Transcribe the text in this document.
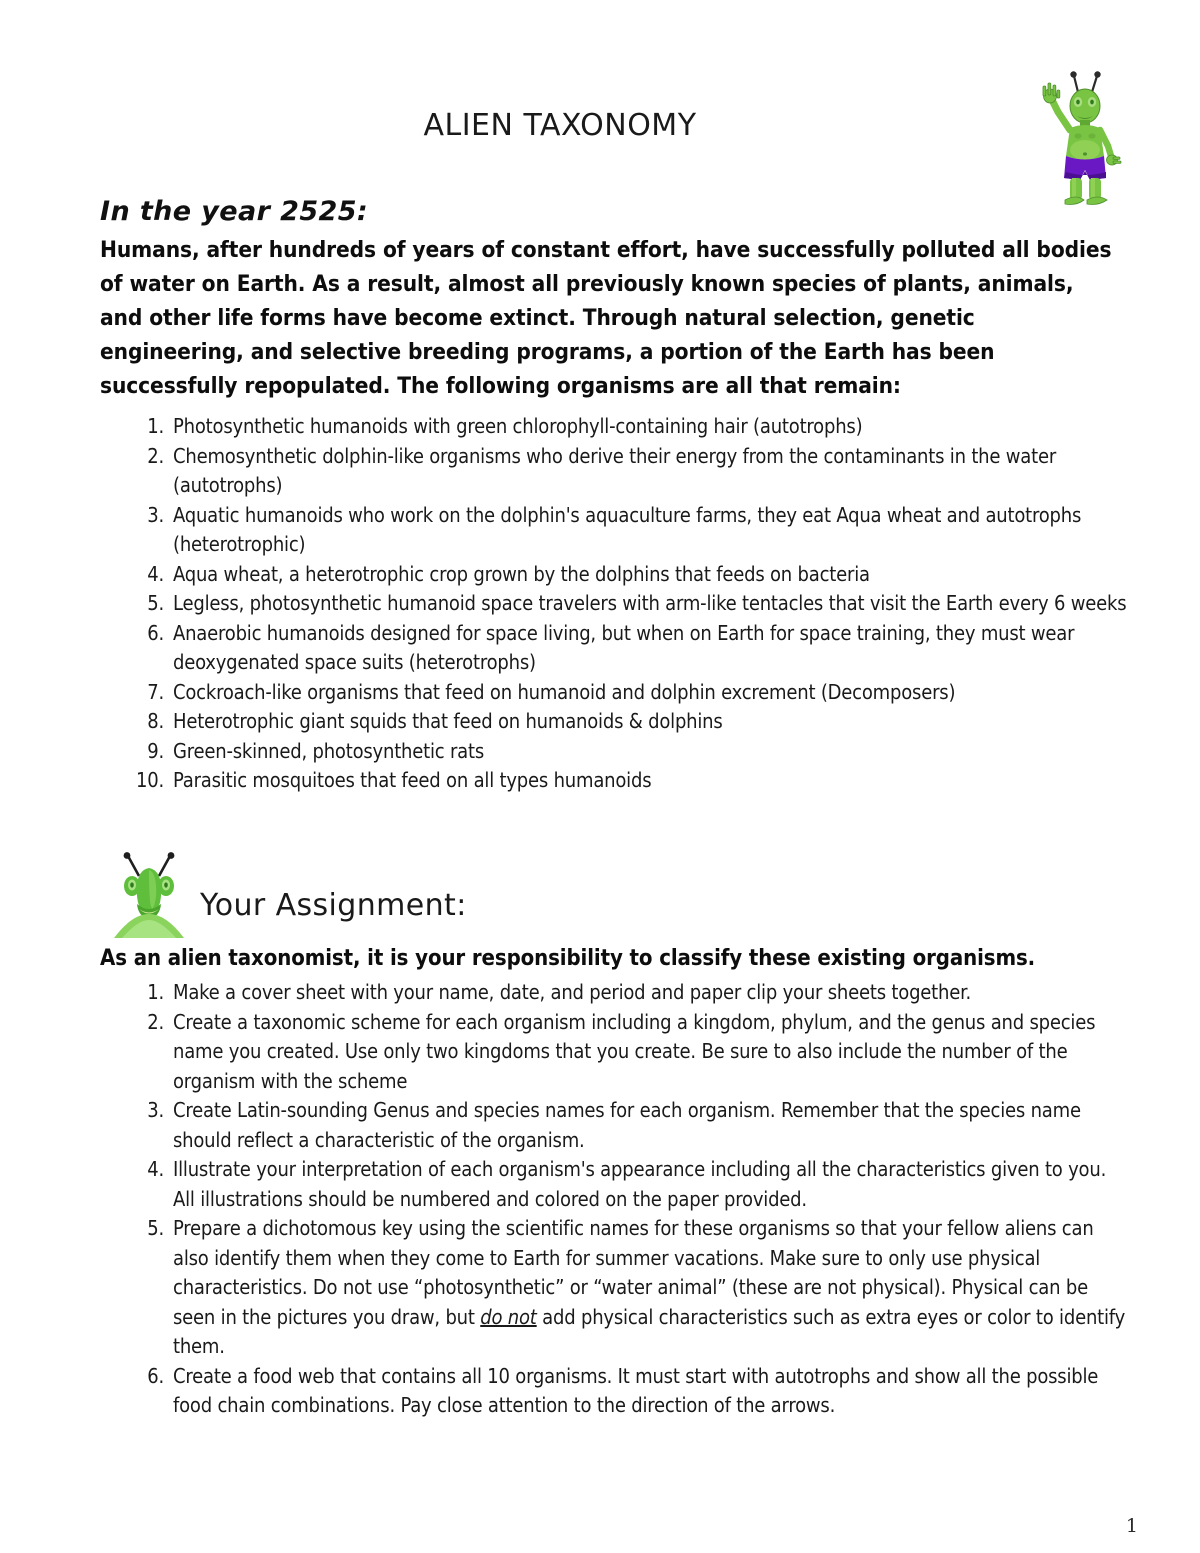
ALIEN TAXONOMY
In the year 2525:
Humans, after hundreds of years of constant effort, have successfully polluted all bodies of water on Earth. As a result, almost all previously known species of plants, animals, and other life forms have become extinct. Through natural selection, genetic engineering, and selective breeding programs, a portion of the Earth has been successfully repopulated. The following organisms are all that remain:
1. Photosynthetic humanoids with green chlorophyll-containing hair (autotrophs)
2. Chemosynthetic dolphin-like organisms who derive their energy from the contaminants in the water (autotrophs)
3. Aquatic humanoids who work on the dolphin's aquaculture farms, they eat Aqua wheat and autotrophs (heterotrophic)
4. Aqua wheat, a heterotrophic crop grown by the dolphins that feeds on bacteria
5. Legless, photosynthetic humanoid space travelers with arm-like tentacles that visit the Earth every 6 weeks
6. Anaerobic humanoids designed for space living, but when on Earth for space training, they must wear deoxygenated space suits (heterotrophs)
7. Cockroach-like organisms that feed on humanoid and dolphin excrement (Decomposers)
8. Heterotrophic giant squids that feed on humanoids & dolphins
9. Green-skinned, photosynthetic rats
10. Parasitic mosquitoes that feed on all types humanoids
Your Assignment:
As an alien taxonomist, it is your responsibility to classify these existing organisms.
1. Make a cover sheet with your name, date, and period and paper clip your sheets together.
2. Create a taxonomic scheme for each organism including a kingdom, phylum, and the genus and species name you created. Use only two kingdoms that you create. Be sure to also include the number of the organism with the scheme
3. Create Latin-sounding Genus and species names for each organism. Remember that the species name should reflect a characteristic of the organism.
4. Illustrate your interpretation of each organism's appearance including all the characteristics given to you. All illustrations should be numbered and colored on the paper provided.
5. Prepare a dichotomous key using the scientific names for these organisms so that your fellow aliens can also identify them when they come to Earth for summer vacations. Make sure to only use physical characteristics. Do not use “photosynthetic” or “water animal” (these are not physical). Physical can be seen in the pictures you draw, but do not add physical characteristics such as extra eyes or color to identify them.
6. Create a food web that contains all 10 organisms. It must start with autotrophs and show all the possible food chain combinations. Pay close attention to the direction of the arrows.
1
